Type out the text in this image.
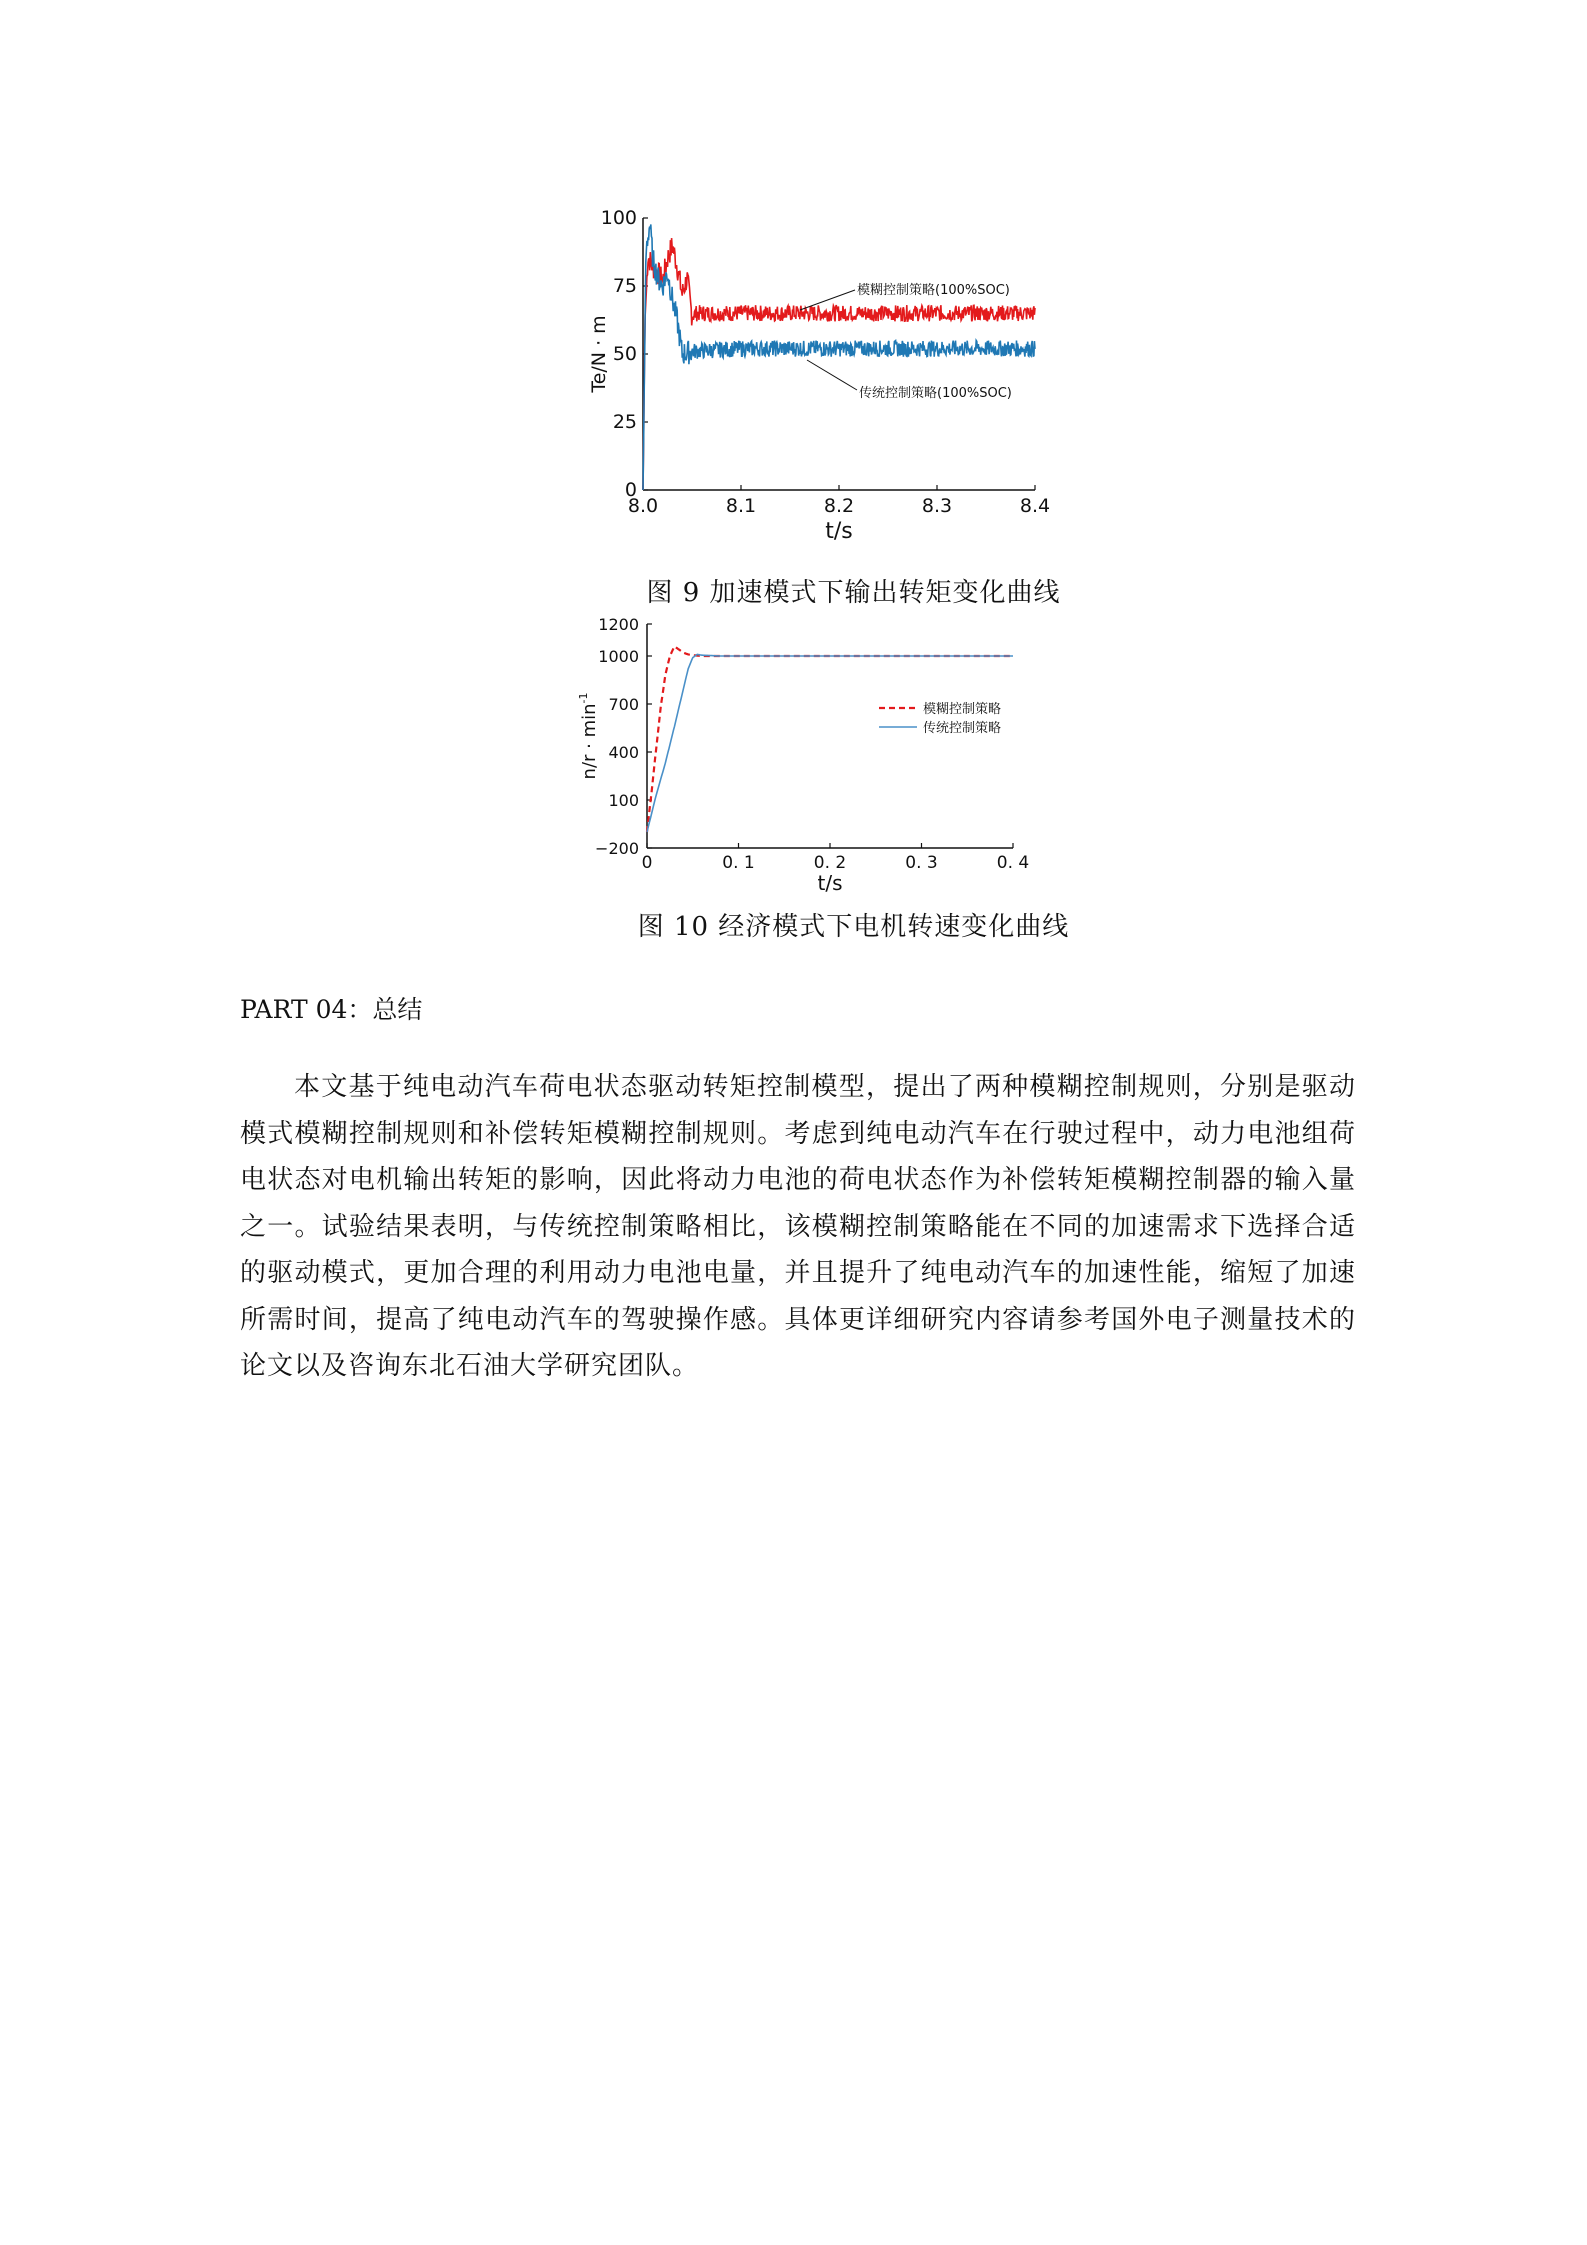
8.0	8.1	8.2	8.3	8.4
0
25
50
75
100
t/s
Te/N · m
模糊控制策略(100%SOC)
传统控制策略(100%SOC)
图 9 加速模式下输出转矩变化曲线
0	0. 1	0. 2	0. 3	0. 4
−200
100
400
700
1000
1200
t/s
$n/r \cdot \min^{-1}$
模糊控制策略
传统控制策略
图 10 经济模式下电机转速变化曲线
PART 04：总结
本文基于纯电动汽车荷电状态驱动转矩控制模型，提出了两种模糊控制规则，分别是驱动模式模糊控制规则和补偿转矩模糊控制规则。考虑到纯电动汽车在行驶过程中，动力电池组荷电状态对电机输出转矩的影响，因此将动力电池的荷电状态作为补偿转矩模糊控制器的输入量之一。试验结果表明，与传统控制策略相比，该模糊控制策略能在不同的加速需求下选择合适的驱动模式，更加合理的利用动力电池电量，并且提升了纯电动汽车的加速性能，缩短了加速所需时间，提高了纯电动汽车的驾驶操作感。具体更详细研究内容请参考国外电子测量技术的论文以及咨询东北石油大学研究团队。
